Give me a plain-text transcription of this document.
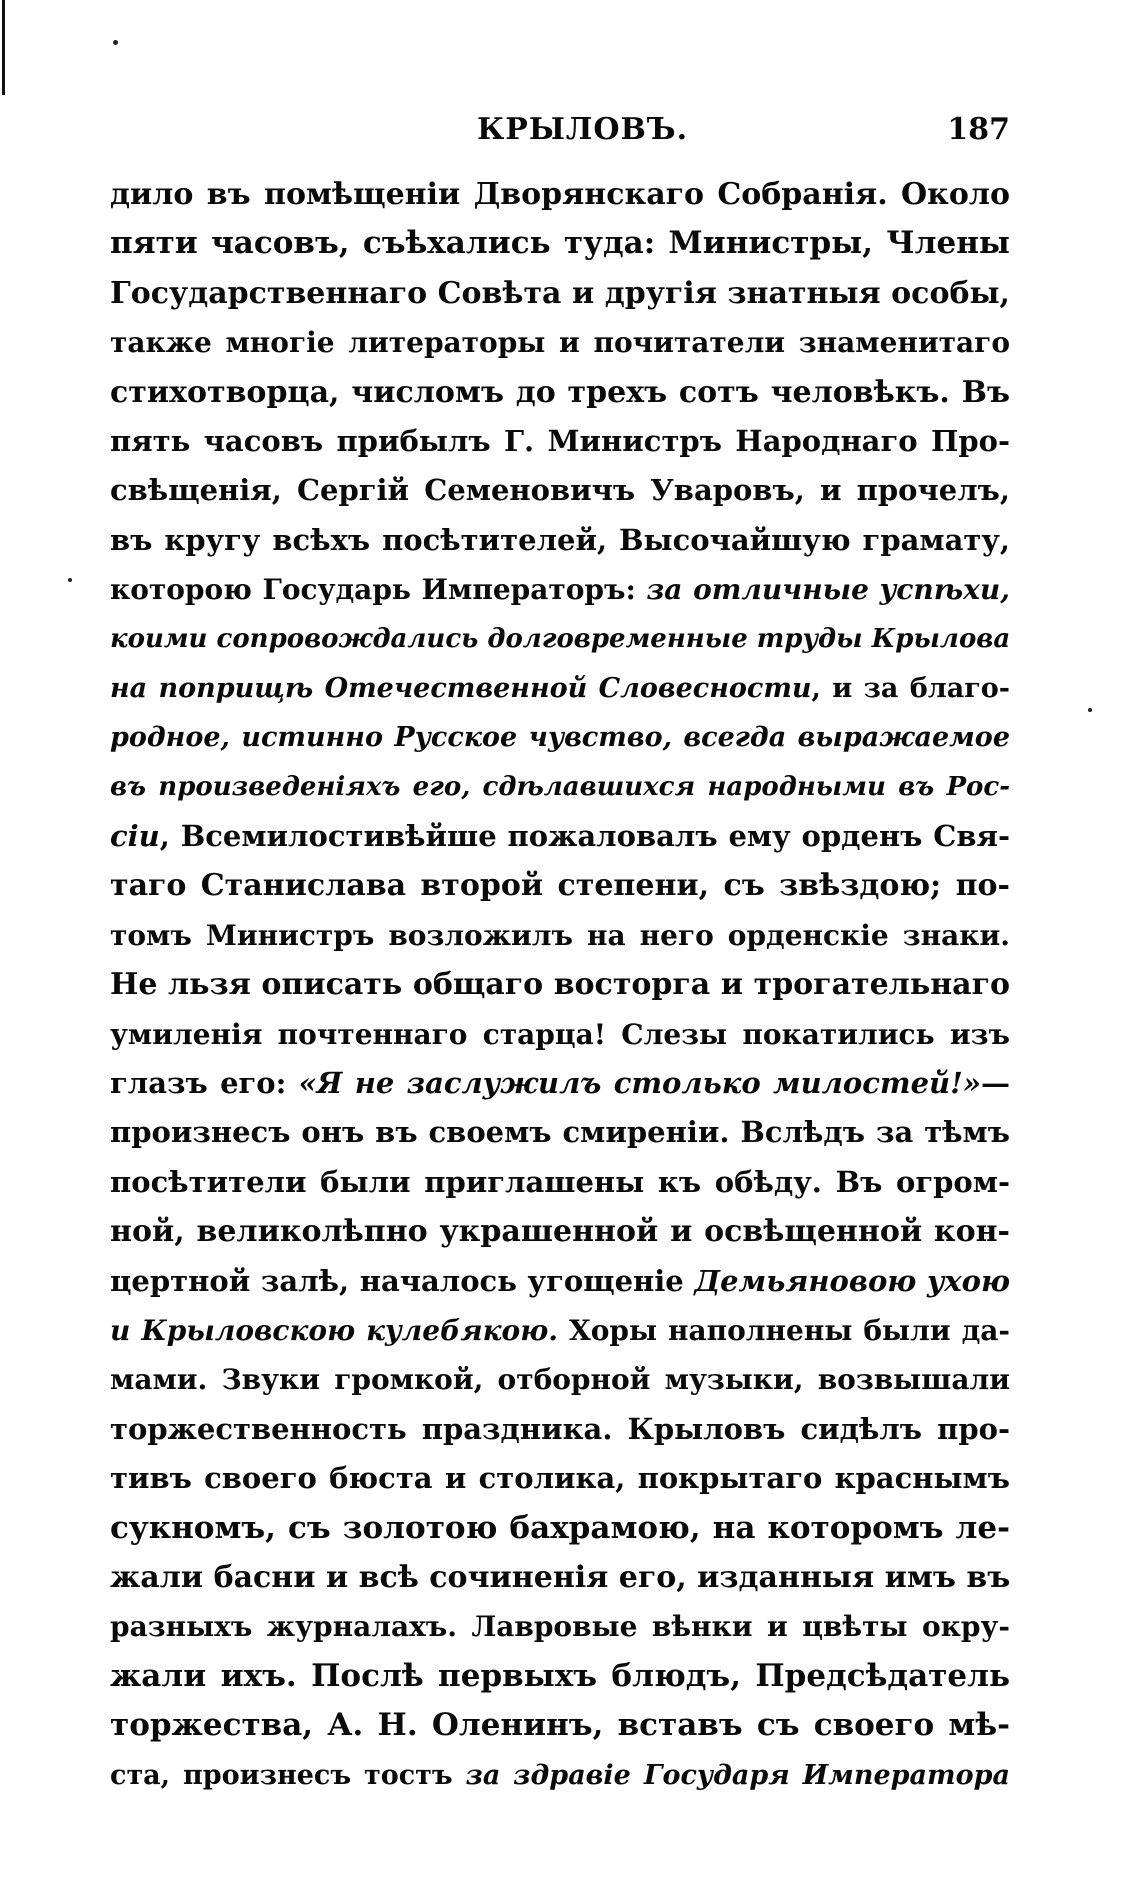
КРЫЛОВЪ.	187
дило въ помѣщеніи Дворянскаго Собранія. Около
пяти часовъ, съѣхались туда: Министры, Члены
Государственнаго Совѣта и другія знатныя особы,
также многіе литераторы и почитатели знаменитаго
стихотворца, числомъ до трехъ сотъ человѣкъ. Въ
пять часовъ прибылъ Г. Министръ Народнаго Про-
свѣщенія, Сергій Семеновичъ Уваровъ, и прочелъ,
въ кругу всѣхъ посѣтителей, Высочайшую грамату,
которою Государь Императоръ: за отличные успѣхи,
коими сопровождались долговременные труды Крылова
на поприщѣ Отечественной Словесности, и за благо-
родное, истинно Русское чувство, всегда выражаемое
въ произведеніяхъ его, сдѣлавшихся народными въ Рос-
сіи, Всемилостивѣйше пожаловалъ ему орденъ Свя-
таго Станислава второй степени, съ звѣздою; по-
томъ Министръ возложилъ на него орденскіе знаки.
Не льзя описать общаго восторга и трогательнаго
умиленія почтеннаго старца! Слезы покатились изъ
глазъ его: «Я не заслужилъ столько милостей!»—
произнесъ онъ въ своемъ смиреніи. Вслѣдъ за тѣмъ
посѣтители были приглашены къ обѣду. Въ огром-
ной, великолѣпно украшенной и освѣщенной кон-
цертной залѣ, началось угощеніе Демьяновою ухою
и Крыловскою кулебякою. Хоры наполнены были да-
мами. Звуки громкой, отборной музыки, возвышали
торжественность праздника. Крыловъ сидѣлъ про-
тивъ своего бюста и столика, покрытаго краснымъ
сукномъ, съ золотою бахрамою, на которомъ ле-
жали басни и всѣ сочиненія его, изданныя имъ въ
разныхъ журналахъ. Лавровые вѣнки и цвѣты окру-
жали ихъ. Послѣ первыхъ блюдъ, Предсѣдатель
торжества, А. Н. Оленинъ, вставъ съ своего мѣ-
ста, произнесъ тостъ за здравіе Государя Императора
